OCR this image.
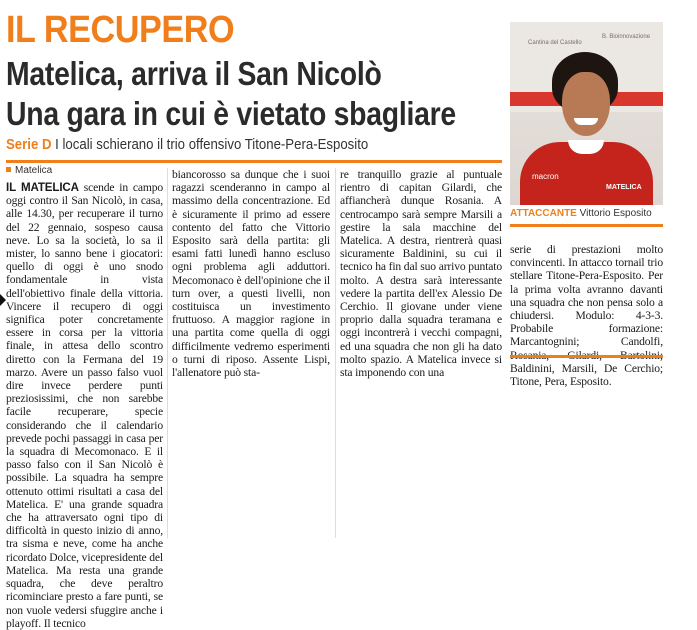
IL RECUPERO
Matelica, arriva il San Nicolò
Una gara in cui è vietato sbagliare
Serie D I locali schierano il trio offensivo Titone-Pera-Esposito
Cantina del Castello
B. Bioinnovazione
macron
MATELICA
ATTACCANTE Vittorio Esposito
Matelica

IL MATELICA scende in campo oggi contro il San Nicolò, in casa, alle 14.30, per recuperare il turno del 22 gennaio, sospeso causa neve. Lo sa la società, lo sa il mister, lo sanno bene i giocatori: quello di oggi è uno snodo fondamentale in vista dell'obiettivo finale della vittoria. Vincere il recupero di oggi significa poter concretamente essere in corsa per la vittoria finale, in attesa dello scontro diretto con la Fermana del 19 marzo. Avere un passo falso vuol dire invece perdere punti preziosissimi, che non sarebbe facile recuperare, specie considerando che il calendario prevede pochi passaggi in casa per la squadra di Mecomonaco. E il passo falso con il San Nicolò è possibile. La squadra ha sempre ottenuto ottimi risultati a casa del Matelica. E' una grande squadra che ha attraversato ogni tipo di difficoltà in questo inizio di anno, tra sisma e neve, come ha anche ricordato Dolce, vicepresidente del Matelica. Ma resta una grande squadra, che deve peraltro ricominciare presto a fare punti, se non vuole vedersi sfuggire anche i playoff. Il tecnico

biancorosso sa dunque che i suoi ragazzi scenderanno in campo al massimo della concentrazione. Ed è sicuramente il primo ad essere contento del fatto che Vittorio Esposito sarà della partita: gli esami fatti lunedì hanno escluso ogni problema agli adduttori. Mecomonaco è dell'opinione che il turn over, a questi livelli, non costituisca un investimento fruttuoso. A maggior ragione in una partita come quella di oggi difficilmente vedremo esperimenti o turni di riposo. Assente Lispi, l'allenatore può sta-

re tranquillo grazie al puntuale rientro di capitan Gilardi, che affiancherà dunque Rosania. A centrocampo sarà sempre Marsili a gestire la sala macchine del Matelica. A destra, rientrerà quasi sicuramente Baldinini, su cui il tecnico ha fin dal suo arrivo puntato molto. A destra sarà interessante vedere la partita dell'ex Alessio De Cerchio. Il giovane under viene proprio dalla squadra teramana e oggi incontrerà i vecchi compagni, ed una squadra che non gli ha dato molto spazio. A Matelica invece si sta imponendo con una

serie di prestazioni molto convincenti. In attacco tornail trio stellare Titone-Pera-Esposito. Per la prima volta avranno davanti una squadra che non pensa solo a chiudersi. Modulo: 4-3-3. Probabile formazione: Marcantognini; Candolfi, Baldinini, Marsili, De Cerchio; Titone, Pera, Esposito.
